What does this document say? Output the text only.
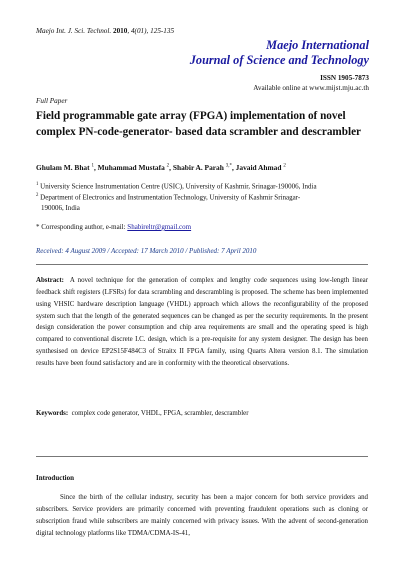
Maejo Int. J. Sci. Technol. 2010, 4(01), 125-135
Maejo International
Journal of Science and Technology
ISSN 1905-7873
Available online at www.mijst.mju.ac.th
Full Paper
Field programmable gate array (FPGA) implementation of novel complex PN-code-generator- based data scrambler and descrambler
Ghulam M. Bhat $^1$, Muhammad Mustafa $^2$, Shabir A. Parah $^{3,*}$, Javaid Ahmad $^2$
$^1$ University Science Instrumentation Centre (USIC), University of Kashmir, Srinagar-190006, India
$^2$ Department of Electronics and Instrumentation Technology, University of Kashmir Srinagar-
190006, India
* Corresponding author, e-mail: Shabireltr@gmail.com
Received: 4 August 2009 / Accepted: 17 March 2010 / Published: 7 April 2010

Abstract: A novel technique for the generation of complex and lengthy code sequences using low-length linear feedback shift registers (LFSRs) for data scrambling and descrambling is proposed. The scheme has been implemented using VHSIC hardware description language (VHDL) approach which allows the reconfigurability of the proposed system such that the length of the generated sequences can be changed as per the security requirements. In the present design consideration the power consumption and chip area requirements are small and the operating speed is high compared to conventional discrete I.C. design, which is a pre-requisite for any system designer. The design has been synthesised on device EP2S15F484C3 of Straitx II FPGA family, using Quarts Altera version 8.1. The simulation results have been found satisfactory and are in conformity with the theoretical observations.

Keywords: complex code generator, VHDL, FPGA, scrambler, descrambler
Introduction

Since the birth of the cellular industry, security has been a major concern for both service providers and subscribers. Service providers are primarily concerned with preventing fraudulent operations such as cloning or subscription fraud while subscribers are mainly concerned with privacy issues. With the advent of second-generation digital technology platforms like TDMA/CDMA-IS-41,
